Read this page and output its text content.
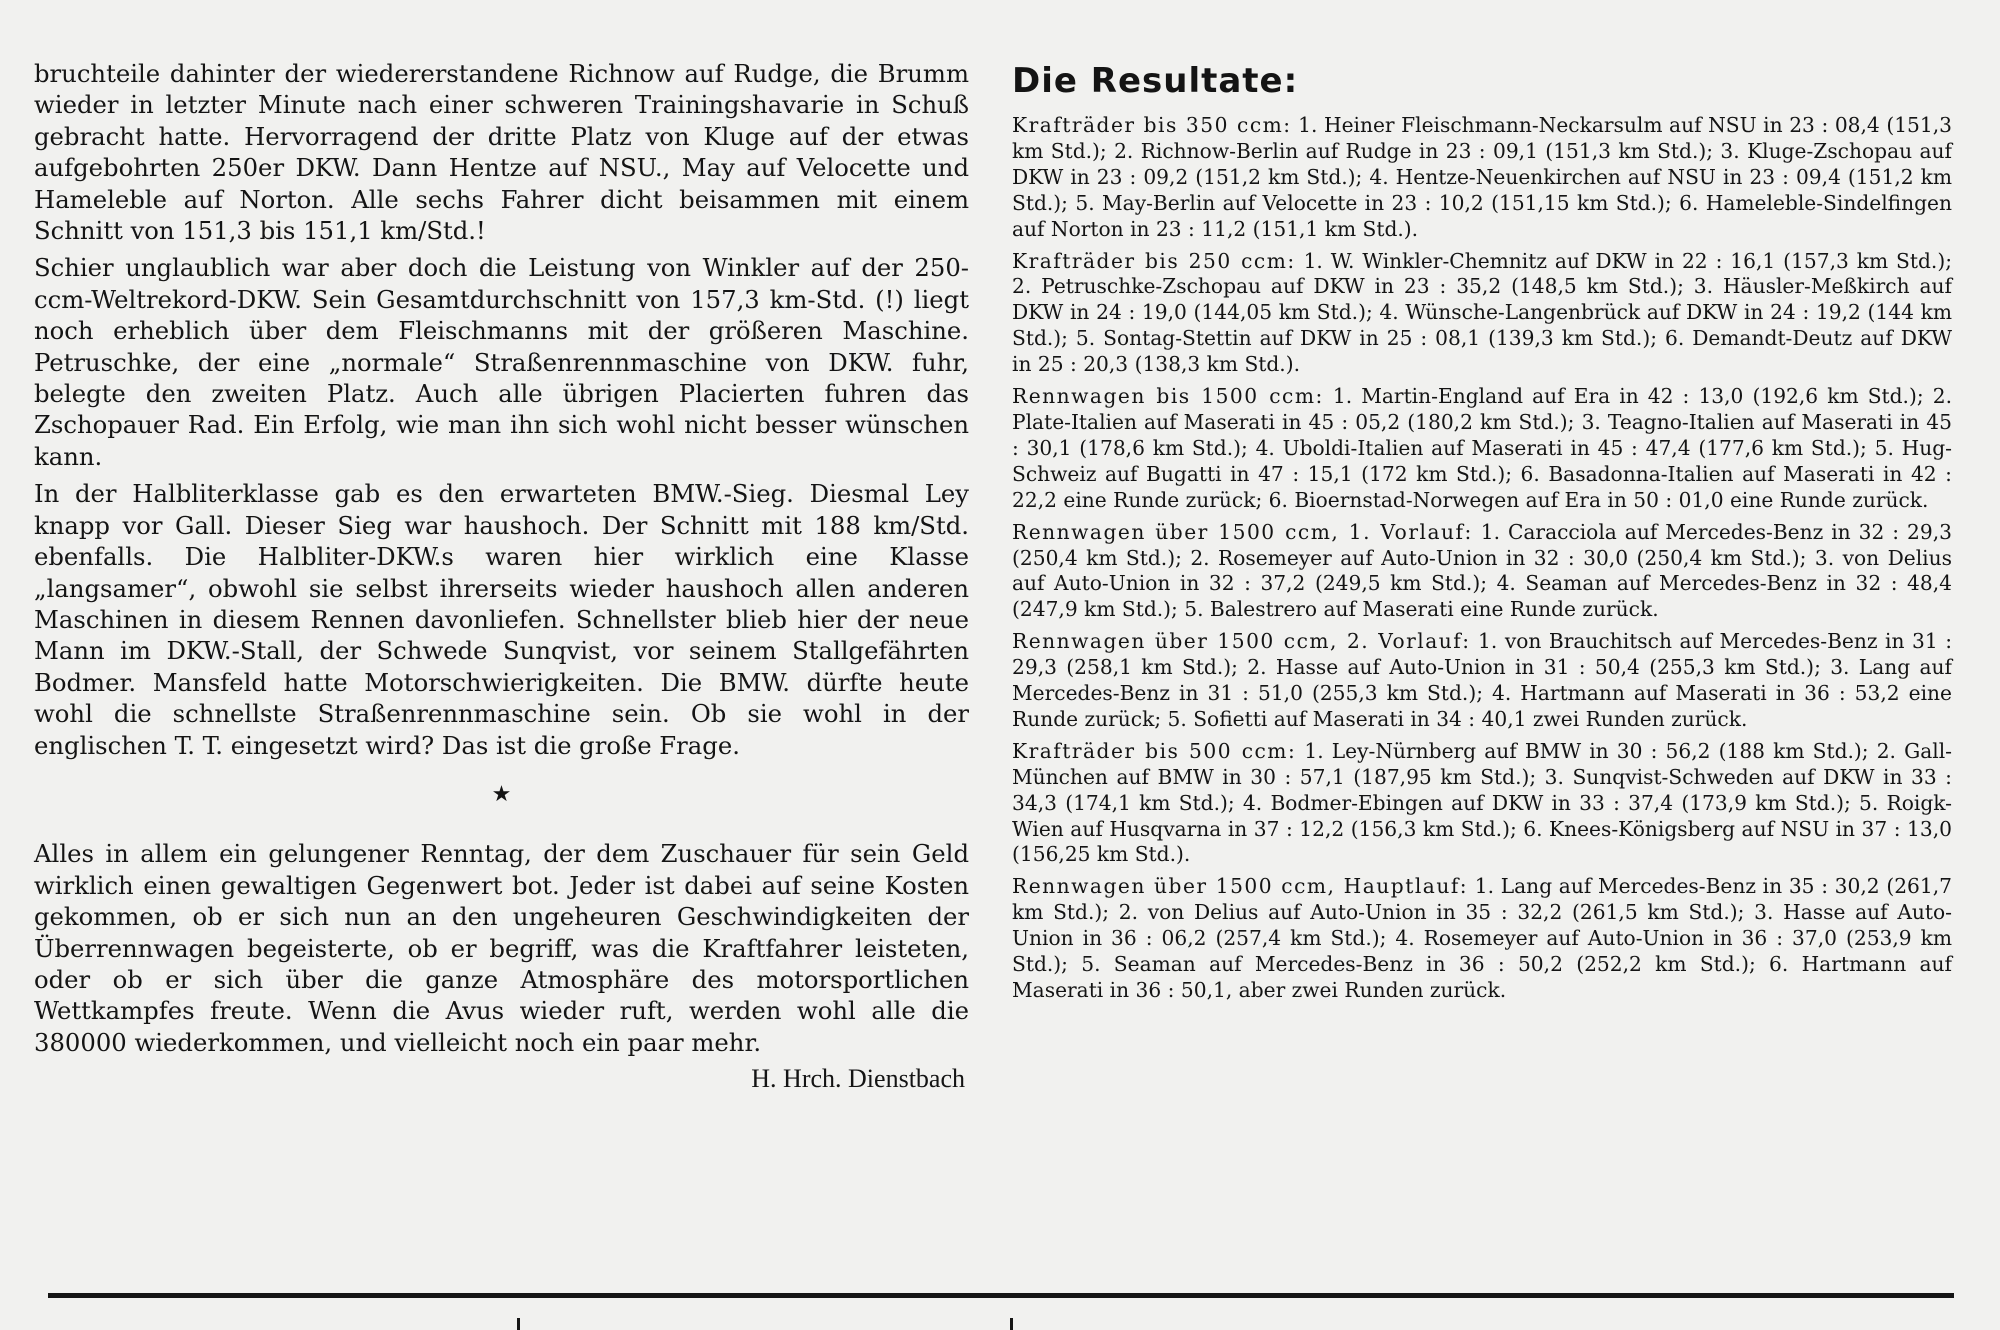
bruchteile dahinter der wiedererstandene Richnow auf Rudge, die Brumm wieder in letzter Minute nach einer schweren Trainingshavarie in Schuß gebracht hatte. Hervorragend der dritte Platz von Kluge auf der etwas aufgebohrten 250er DKW. Dann Hentze auf NSU., May auf Velocette und Hameleble auf Norton. Alle sechs Fahrer dicht beisammen mit einem Schnitt von 151,3 bis 151,1 km/Std.!

Schier unglaublich war aber doch die Leistung von Winkler auf der 250-ccm-Weltrekord-DKW. Sein Gesamtdurchschnitt von 157,3 km-Std. (!) liegt noch erheblich über dem Fleischmanns mit der größeren Maschine. Petruschke, der eine „normale“ Straßenrennmaschine von DKW. fuhr, belegte den zweiten Platz. Auch alle übrigen Placierten fuhren das Zschopauer Rad. Ein Erfolg, wie man ihn sich wohl nicht besser wünschen kann.

In der Halbliterklasse gab es den erwarteten BMW.-Sieg. Diesmal Ley knapp vor Gall. Dieser Sieg war haushoch. Der Schnitt mit 188 km/Std. ebenfalls. Die Halbliter-DKW.s waren hier wirklich eine Klasse „langsamer“, obwohl sie selbst ihrerseits wieder haushoch allen anderen Maschinen in diesem Rennen davonliefen. Schnellster blieb hier der neue Mann im DKW.-Stall, der Schwede Sunqvist, vor seinem Stallgefährten Bodmer. Mansfeld hatte Motorschwierigkeiten. Die BMW. dürfte heute wohl die schnellste Straßenrennmaschine sein. Ob sie wohl in der englischen T. T. eingesetzt wird? Das ist die große Frage.

★

Alles in allem ein gelungener Renntag, der dem Zuschauer für sein Geld wirklich einen gewaltigen Gegenwert bot. Jeder ist dabei auf seine Kosten gekommen, ob er sich nun an den ungeheuren Geschwindigkeiten der Überrennwagen begeisterte, ob er begriff, was die Kraftfahrer leisteten, oder ob er sich über die ganze Atmosphäre des motorsportlichen Wettkampfes freute. Wenn die Avus wieder ruft, werden wohl alle die 380000 wiederkommen, und vielleicht noch ein paar mehr.

H. Hrch. Dienstbach

Die Resultate:

Krafträder bis 350 ccm: 1. Heiner Fleischmann-Neckarsulm auf NSU in 23 : 08,4 (151,3 km Std.); 2. Richnow-Berlin auf Rudge in 23 : 09,1 (151,3 km Std.); 3. Kluge-Zschopau auf DKW in 23 : 09,2 (151,2 km Std.); 4. Hentze-Neuenkirchen auf NSU in 23 : 09,4 (151,2 km Std.); 5. May-Berlin auf Velocette in 23 : 10,2 (151,15 km Std.); 6. Hameleble-Sindelfingen auf Norton in 23 : 11,2 (151,1 km Std.).

Krafträder bis 250 ccm: 1. W. Winkler-Chemnitz auf DKW in 22 : 16,1 (157,3 km Std.); 2. Petruschke-Zschopau auf DKW in 23 : 35,2 (148,5 km Std.); 3. Häusler-Meßkirch auf DKW in 24 : 19,0 (144,05 km Std.); 4. Wünsche-Langenbrück auf DKW in 24 : 19,2 (144 km Std.); 5. Sontag-Stettin auf DKW in 25 : 08,1 (139,3 km Std.); 6. Demandt-Deutz auf DKW in 25 : 20,3 (138,3 km Std.).

Rennwagen bis 1500 ccm: 1. Martin-England auf Era in 42 : 13,0 (192,6 km Std.); 2. Plate-Italien auf Maserati in 45 : 05,2 (180,2 km Std.); 3. Teagno-Italien auf Maserati in 45 : 30,1 (178,6 km Std.); 4. Uboldi-Italien auf Maserati in 45 : 47,4 (177,6 km Std.); 5. Hug-Schweiz auf Bugatti in 47 : 15,1 (172 km Std.); 6. Basadonna-Italien auf Maserati in 42 : 22,2 eine Runde zurück; 6. Bioernstad-Norwegen auf Era in 50 : 01,0 eine Runde zurück.

Rennwagen über 1500 ccm, 1. Vorlauf: 1. Caracciola auf Mercedes-Benz in 32 : 29,3 (250,4 km Std.); 2. Rosemeyer auf Auto-Union in 32 : 30,0 (250,4 km Std.); 3. von Delius auf Auto-Union in 32 : 37,2 (249,5 km Std.); 4. Seaman auf Mercedes-Benz in 32 : 48,4 (247,9 km Std.); 5. Balestrero auf Maserati eine Runde zurück.

Rennwagen über 1500 ccm, 2. Vorlauf: 1. von Brauchitsch auf Mercedes-Benz in 31 : 29,3 (258,1 km Std.); 2. Hasse auf Auto-Union in 31 : 50,4 (255,3 km Std.); 3. Lang auf Mercedes-Benz in 31 : 51,0 (255,3 km Std.); 4. Hartmann auf Maserati in 36 : 53,2 eine Runde zurück; 5. Sofietti auf Maserati in 34 : 40,1 zwei Runden zurück.

Krafträder bis 500 ccm: 1. Ley-Nürnberg auf BMW in 30 : 56,2 (188 km Std.); 2. Gall-München auf BMW in 30 : 57,1 (187,95 km Std.); 3. Sunqvist-Schweden auf DKW in 33 : 34,3 (174,1 km Std.); 4. Bodmer-Ebingen auf DKW in 33 : 37,4 (173,9 km Std.); 5. Roigk-Wien auf Husqvarna in 37 : 12,2 (156,3 km Std.); 6. Knees-Königsberg auf NSU in 37 : 13,0 (156,25 km Std.).

Rennwagen über 1500 ccm, Hauptlauf: 1. Lang auf Mercedes-Benz in 35 : 30,2 (261,7 km Std.); 2. von Delius auf Auto-Union in 35 : 32,2 (261,5 km Std.); 3. Hasse auf Auto-Union in 36 : 06,2 (257,4 km Std.); 4. Rosemeyer auf Auto-Union in 36 : 37,0 (253,9 km Std.); 5. Seaman auf Mercedes-Benz in 36 : 50,2 (252,2 km Std.); 6. Hartmann auf Maserati in 36 : 50,1, aber zwei Runden zurück.
